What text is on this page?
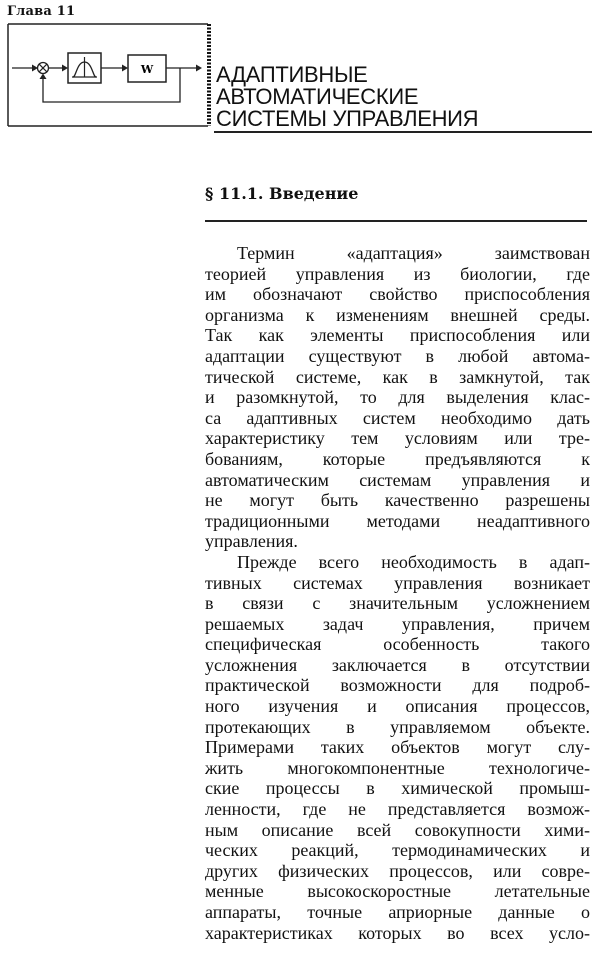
Глава 11
W	АДАПТИВНЫЕ
АВТОМАТИЧЕСКИЕ
СИСТЕМЫ УПРАВЛЕНИЯ
§ 11.1. Введение
Термин «адаптация» заимствован
теорией управления из биологии, где
им обозначают свойство приспособления
организма к изменениям внешней среды.
Так как элементы приспособления или
адаптации существуют в любой автома-
тической системе, как в замкнутой, так
и разомкнутой, то для выделения клас-
са адаптивных систем необходимо дать
характеристику тем условиям или тре-
бованиям, которые предъявляются к
автоматическим системам управления и
не могут быть качественно разрешены
традиционными методами неадаптивного
управления.
Прежде всего необходимость в адап-
тивных системах управления возникает
в связи с значительным усложнением
решаемых задач управления, причем
специфическая особенность такого
усложнения заключается в отсутствии
практической возможности для подроб-
ного изучения и описания процессов,
протекающих в управляемом объекте.
Примерами таких объектов могут слу-
жить многокомпонентные технологиче-
ские процессы в химической промыш-
ленности, где не представляется возмож-
ным описание всей совокупности хими-
ческих реакций, термодинамических и
других физических процессов, или совре-
менные высокоскоростные летательные
аппараты, точные априорные данные о
характеристиках которых во всех усло-
